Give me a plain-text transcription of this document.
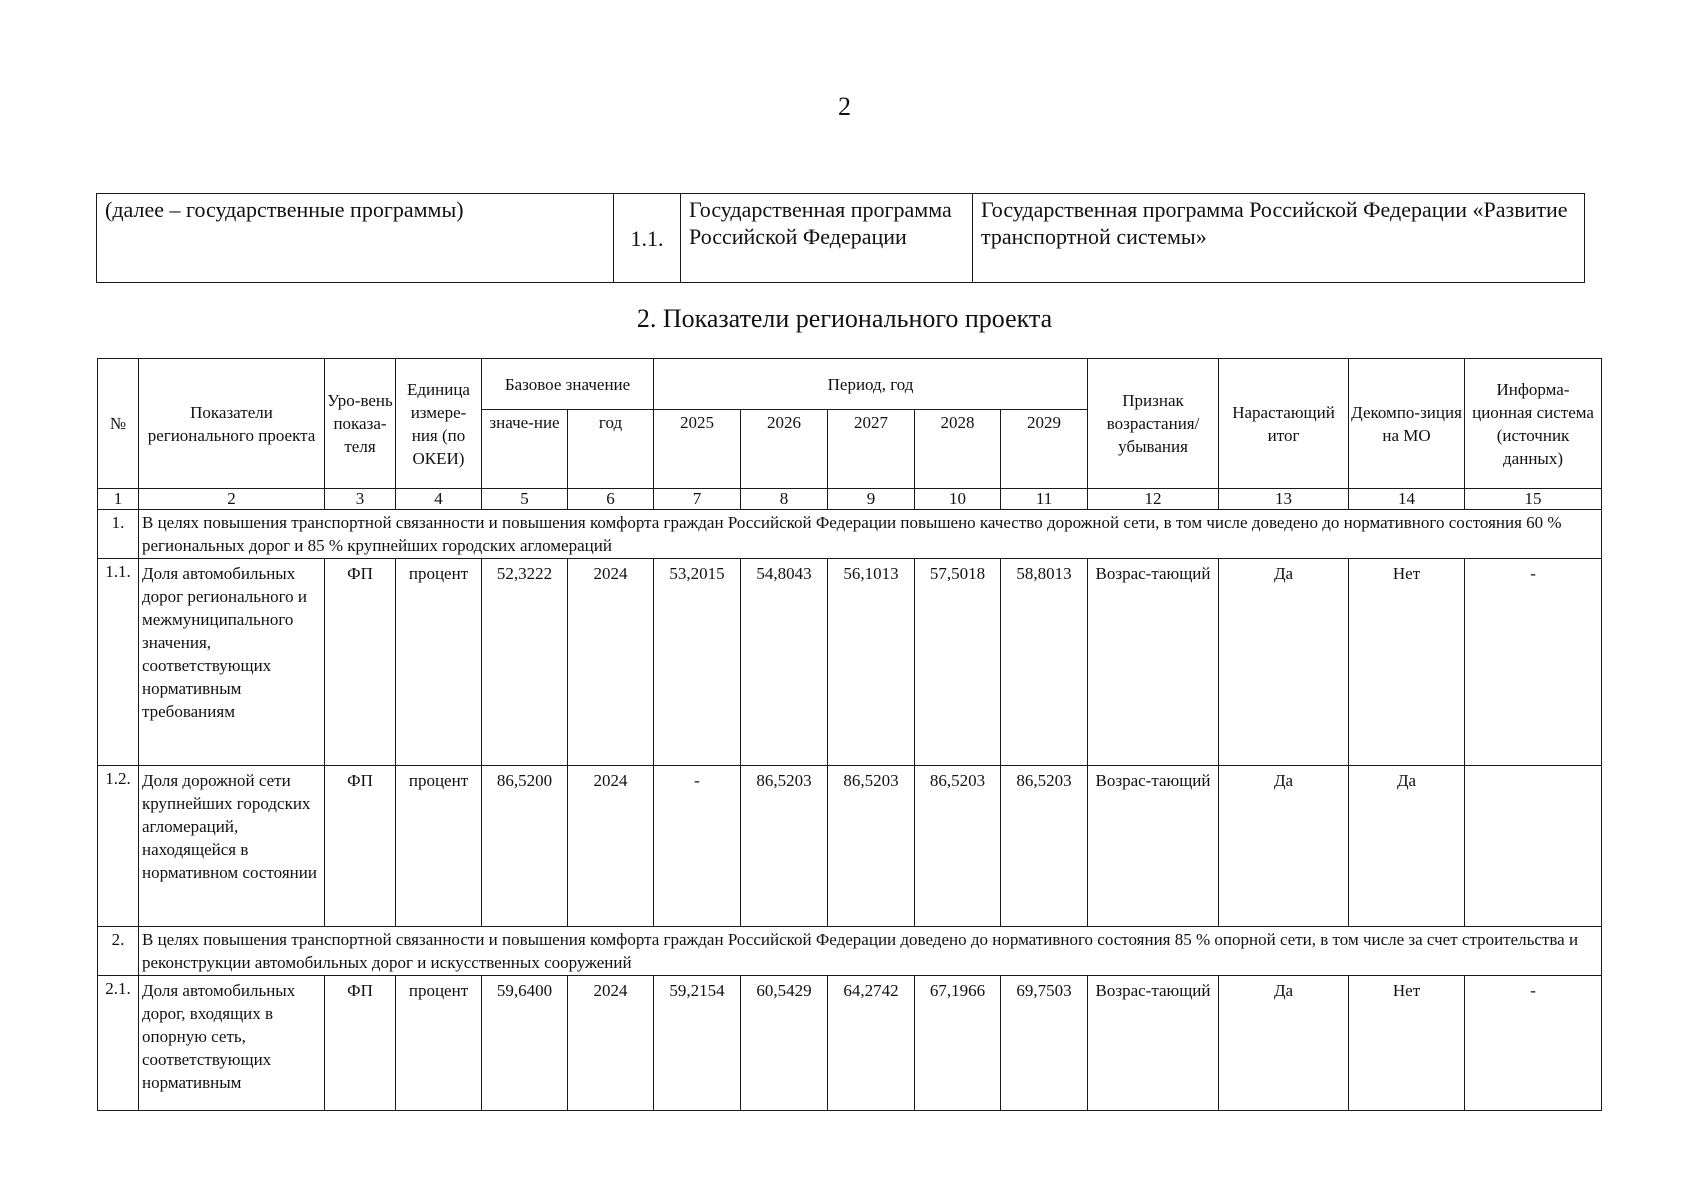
2
(далее – государственные программы)	1.1.	Государственная программа Российской Федерации	Государственная программа Российской Федерации «Развитие транспортной системы»
2. Показатели регионального проекта
№	Показатели регионального проекта	Уро-вень показа-теля	Единица измере-ния (по ОКЕИ)	Базовое значение		Период, год					Признак возрастания/ убывания	Нарастающий итог	Декомпо-зиция на МО	Информа-ционная система (источник данных)
				значе-ние	год	2025	2026	2027	2028	2029				
1	2	3	4	5	6	7	8	9	10	11	12	13	14	15
1.	В целях повышения транспортной связанности и повышения комфорта граждан Российской Федерации повышено качество дорожной сети, в том числе доведено до нормативного состояния 60 % региональных дорог и 85 % крупнейших городских агломераций													
1.1.	Доля автомобильных дорог регионального и межмуниципального значения, соответствующих нормативным требованиям	ФП	процент	52,3222	2024	53,2015	54,8043	56,1013	57,5018	58,8013	Возрас-тающий	Да	Нет	-
1.2.	Доля дорожной сети крупнейших городских агломераций, находящейся в нормативном состоянии	ФП	процент	86,5200	2024	-	86,5203	86,5203	86,5203	86,5203	Возрас-тающий	Да	Да	
2.	В целях повышения транспортной связанности и повышения комфорта граждан Российской Федерации доведено до нормативного состояния 85 % опорной сети, в том числе за счет строительства и реконструкции автомобильных дорог и искусственных сооружений													
2.1.	Доля автомобильных дорог, входящих в опорную сеть, соответствующих нормативным	ФП	процент	59,6400	2024	59,2154	60,5429	64,2742	67,1966	69,7503	Возрас-тающий	Да	Нет	-
